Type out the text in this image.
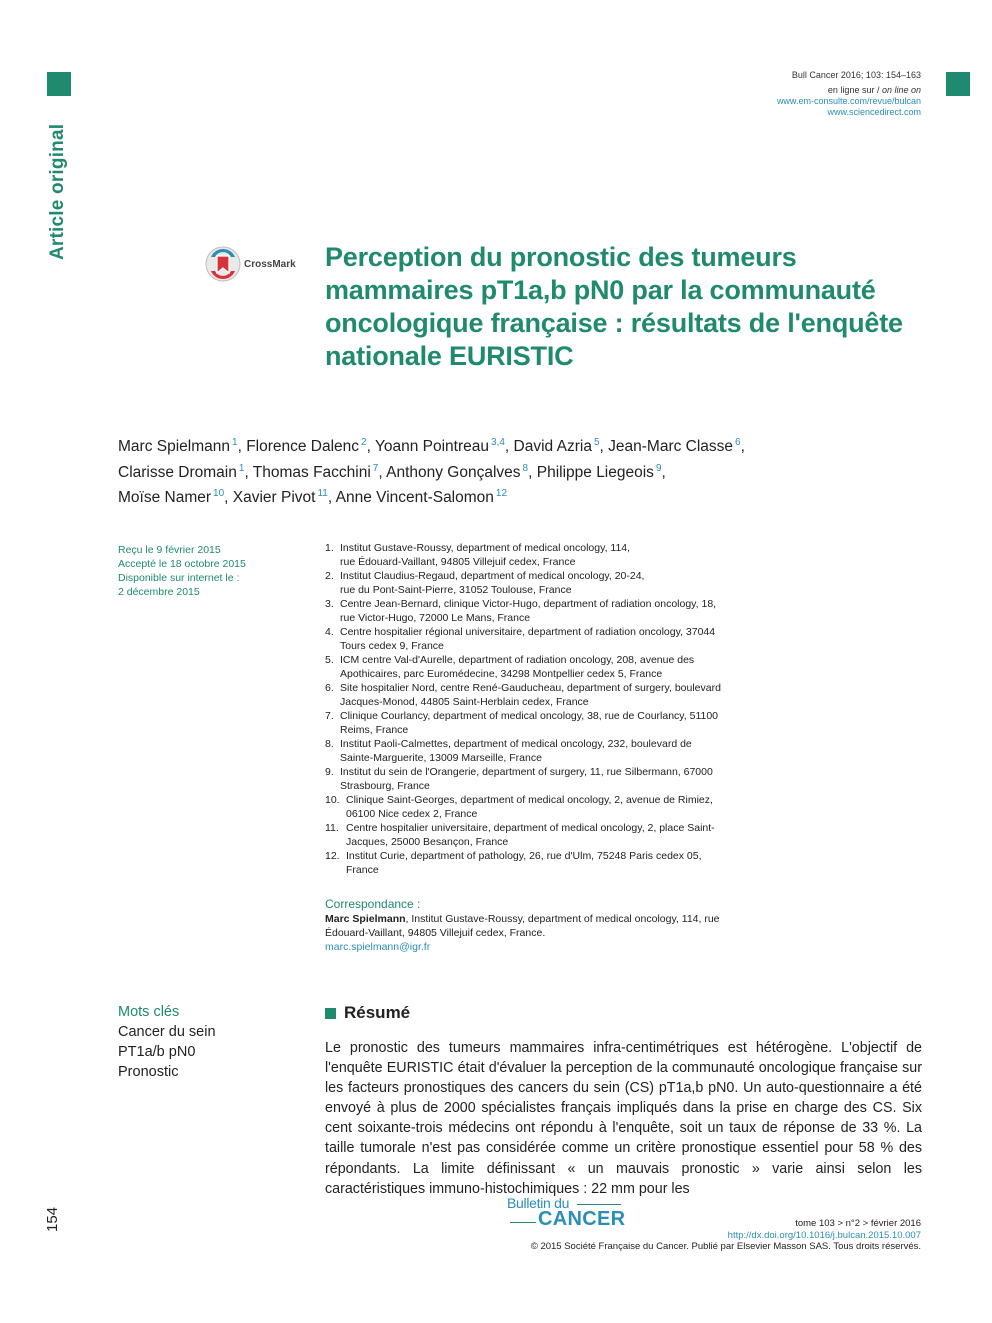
Article original
154
Bull Cancer 2016; 103: 154–163
en ligne sur / on line on
www.em-consulte.com/revue/bulcan
www.sciencedirect.com
CrossMark Perception du pronostic des tumeurs mammaires pT1a,b pN0 par la communauté oncologique française : résultats de l'enquête nationale EURISTIC
Marc Spielmann $^1$, Florence Dalenc $^2$, Yoann Pointreau $^{3,4}$, David Azria $^5$, Jean-Marc Classe $^6$,
Clarisse Dromain $^1$, Thomas Facchini $^7$, Anthony Gonçalves $^8$, Philippe Liegeois $^9$,
Moïse Namer $^{10}$, Xavier Pivot $^{11}$, Anne Vincent-Salomon $^{12}$
Reçu le 9 février 2015
Accepté le 18 octobre 2015
Disponible sur internet le :
2 décembre 2015
1. Institut Gustave-Roussy, department of medical oncology, 114,
rue Édouard-Vaillant, 94805 Villejuif cedex, France
2. Institut Claudius-Regaud, department of medical oncology, 20-24,
rue du Pont-Saint-Pierre, 31052 Toulouse, France
3. Centre Jean-Bernard, clinique Victor-Hugo, department of radiation oncology, 18,
rue Victor-Hugo, 72000 Le Mans, France
4. Centre hospitalier régional universitaire, department of radiation oncology, 37044
Tours cedex 9, France
5. ICM centre Val-d'Aurelle, department of radiation oncology, 208, avenue des
Apothicaires, parc Euromédecine, 34298 Montpellier cedex 5, France
6. Site hospitalier Nord, centre René-Gauducheau, department of surgery, boulevard
Jacques-Monod, 44805 Saint-Herblain cedex, France
7. Clinique Courlancy, department of medical oncology, 38, rue de Courlancy, 51100
Reims, France
8. Institut Paoli-Calmettes, department of medical oncology, 232, boulevard de
Sainte-Marguerite, 13009 Marseille, France
9. Institut du sein de l'Orangerie, department of surgery, 11, rue Silbermann, 67000
Strasbourg, France
10. Clinique Saint-Georges, department of medical oncology, 2, avenue de Rimiez,
06100 Nice cedex 2, France
11. Centre hospitalier universitaire, department of medical oncology, 2, place Saint-
Jacques, 25000 Besançon, France
12. Institut Curie, department of pathology, 26, rue d'Ulm, 75248 Paris cedex 05,
France
Correspondance :
Marc Spielmann, Institut Gustave-Roussy, department of medical oncology, 114, rue
Édouard-Vaillant, 94805 Villejuif cedex, France.
marc.spielmann@igr.fr
Mots clés
Cancer du sein
PT1a/b pN0
Pronostic
Résumé

Le pronostic des tumeurs mammaires infra-centimétriques est hétérogène. L'objectif de l'enquête EURISTIC était d'évaluer la perception de la communauté oncologique française sur les facteurs pronostiques des cancers du sein (CS) pT1a,b pN0. Un auto-questionnaire a été envoyé à plus de 2000 spécialistes français impliqués dans la prise en charge des CS. Six cent soixante-trois médecins ont répondu à l'enquête, soit un taux de réponse de 33 %. La taille tumorale n'est pas considérée comme un critère pronostique essentiel pour 58 % des répondants. La limite définissant « un mauvais pronostic » varie ainsi selon les caractéristiques immuno-histochimiques : 22 mm pour les

Bulletin du
CANCER	tome 103 > n°2 > février 2016
http://dx.doi.org/10.1016/j.bulcan.2015.10.007
© 2015 Société Française du Cancer. Publié par Elsevier Masson SAS. Tous droits réservés.
